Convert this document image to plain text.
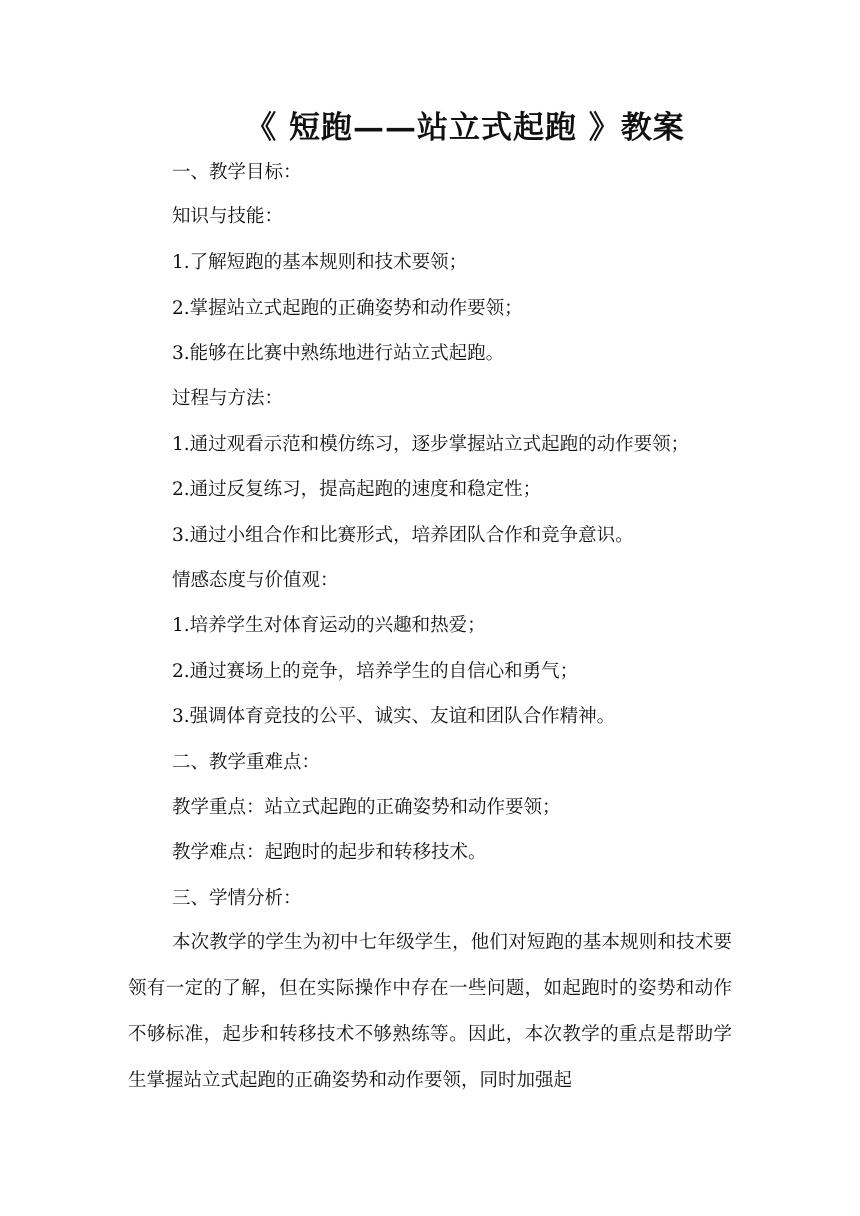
《 短跑——站立式起跑 》教案
一、教学目标：
知识与技能：
1.了解短跑的基本规则和技术要领；
2.掌握站立式起跑的正确姿势和动作要领；
3.能够在比赛中熟练地进行站立式起跑。
过程与方法：
1.通过观看示范和模仿练习，逐步掌握站立式起跑的动作要领；
2.通过反复练习，提高起跑的速度和稳定性；
3.通过小组合作和比赛形式，培养团队合作和竞争意识。
情感态度与价值观：
1.培养学生对体育运动的兴趣和热爱；
2.通过赛场上的竞争，培养学生的自信心和勇气；
3.强调体育竞技的公平、诚实、友谊和团队合作精神。
二、教学重难点：
教学重点：站立式起跑的正确姿势和动作要领；
教学难点：起跑时的起步和转移技术。
三、学情分析：
本次教学的学生为初中七年级学生，他们对短跑的基本规则和技术要领有一定的了解，但在实际操作中存在一些问题，如起跑时的姿势和动作不够标准，起步和转移技术不够熟练等。因此，本次教学的重点是帮助学生掌握站立式起跑的正确姿势和动作要领，同时加强起
